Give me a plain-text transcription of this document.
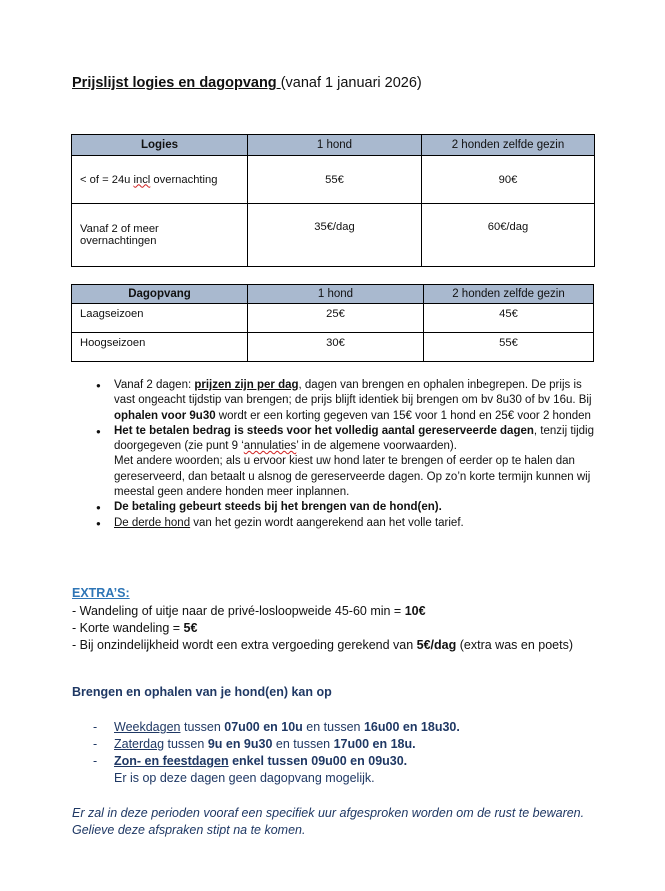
Prijslijst logies en dagopvang (vanaf 1 januari 2026)
Logies	1 hond	2 honden zelfde gezin
< of = 24u incl overnachting	55€	90€

Vanaf 2 of meer
overnachtingen	35€/dag	60€/dag
Dagopvang	1 hond	2 honden zelfde gezin
Laagseizoen	25€	45€
Hoogseizoen	30€	55€
● Vanaf 2 dagen: prijzen zijn per dag, dagen van brengen en ophalen inbegrepen. De prijs is vast ongeacht tijdstip van brengen; de prijs blijft identiek bij brengen om bv 8u30 of bv 16u. Bij ophalen voor 9u30 wordt er een korting gegeven van 15€ voor 1 hond en 25€ voor 2 honden
● Het te betalen bedrag is steeds voor het volledig aantal gereserveerde dagen, tenzij tijdig doorgegeven (zie punt 9 ‘annulaties’ in de algemene voorwaarden).
Met andere woorden; als u ervoor kiest uw hond later te brengen of eerder op te halen dan gereserveerd, dan betaalt u alsnog de gereserveerde dagen. Op zo’n korte termijn kunnen wij meestal geen andere honden meer inplannen.
● De betaling gebeurt steeds bij het brengen van de hond(en).
● De derde hond van het gezin wordt aangerekend aan het volle tarief.
EXTRA’S:
- Wandeling of uitje naar de privé-losloopweide 45-60 min = 10€
- Korte wandeling = 5€
- Bij onzindelijkheid wordt een extra vergoeding gerekend van 5€/dag (extra was en poets)
Brengen en ophalen van je hond(en) kan op
- Weekdagen tussen 07u00 en 10u en tussen 16u00 en 18u30.
- Zaterdag tussen 9u en 9u30 en tussen 17u00 en 18u.
- Zon- en feestdagen enkel tussen 09u00 en 09u30.
Er is op deze dagen geen dagopvang mogelijk.
Er zal in deze perioden vooraf een specifiek uur afgesproken worden om de rust te bewaren.
Gelieve deze afspraken stipt na te komen.
